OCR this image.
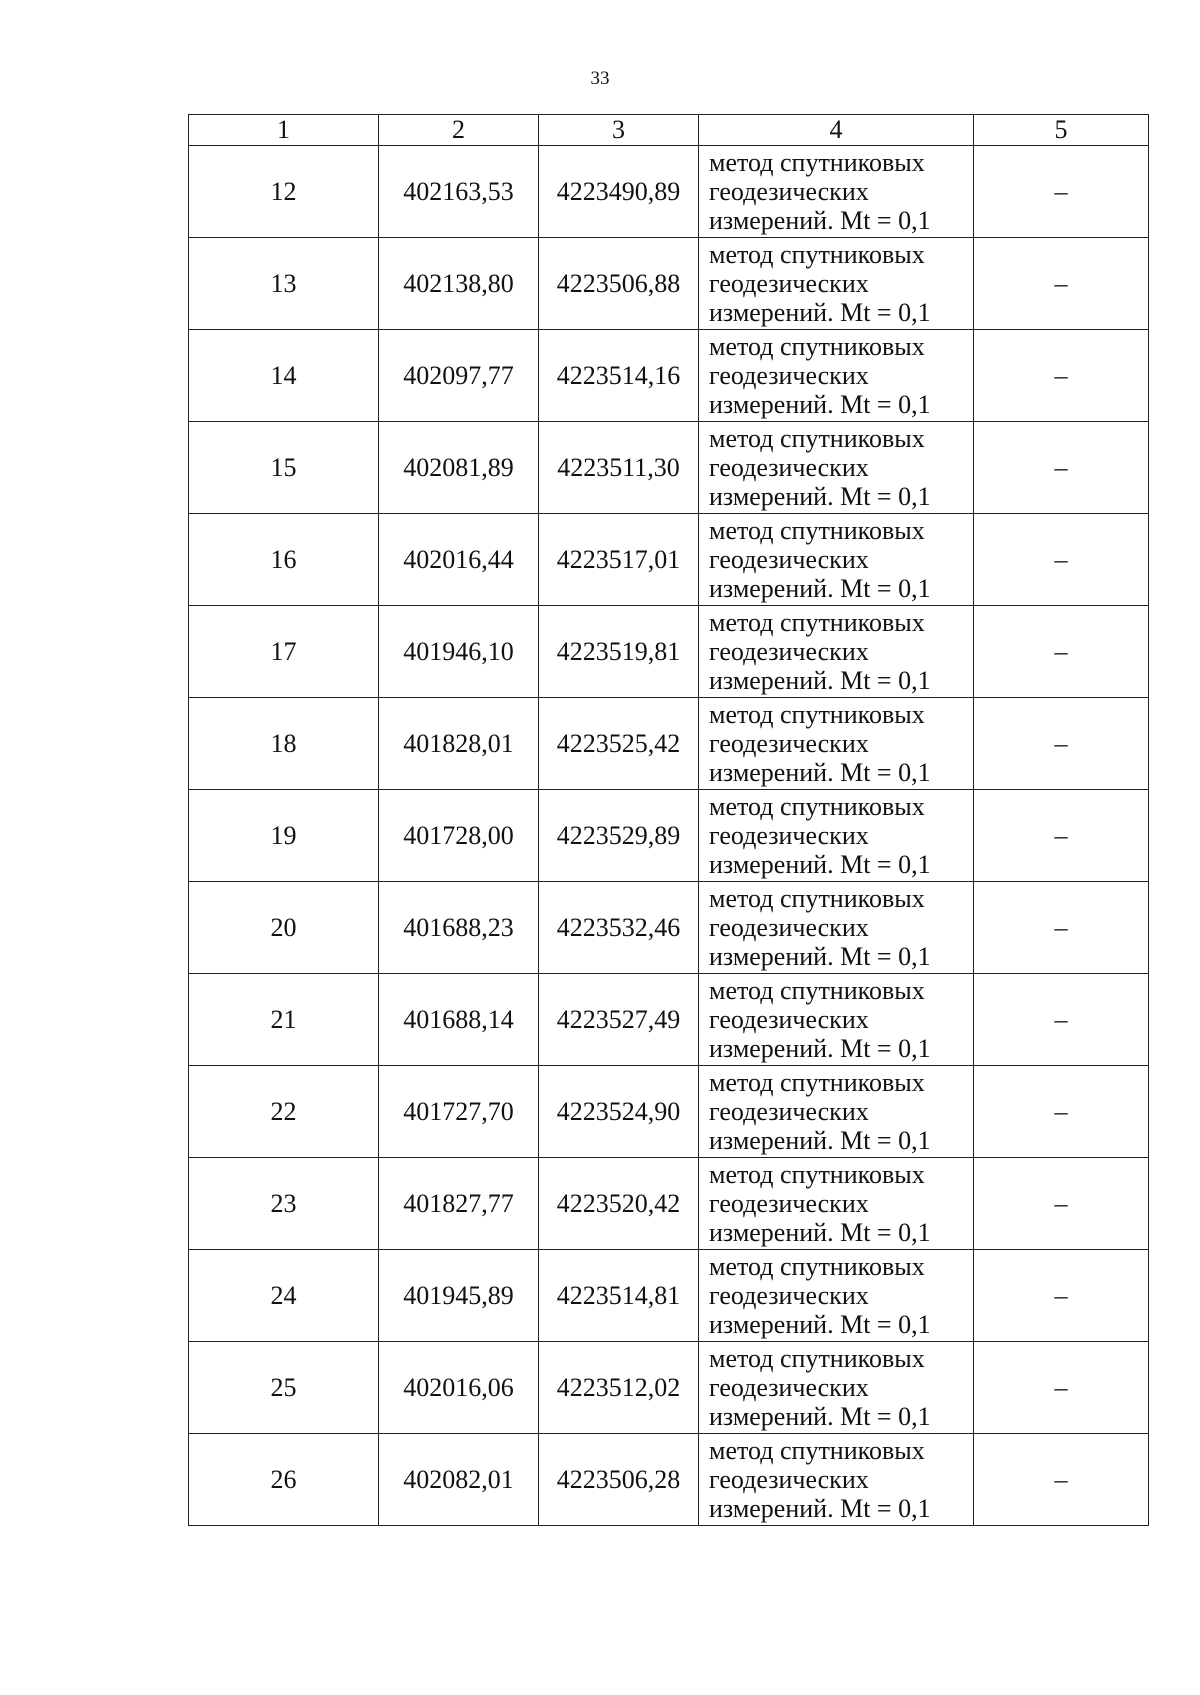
33
1	2	3	4	5
12	402163,53	4223490,89	метод спутниковых
геодезических
измерений. Mt = 0,1	–
13	402138,80	4223506,88	метод спутниковых
геодезических
измерений. Mt = 0,1	–
14	402097,77	4223514,16	метод спутниковых
геодезических
измерений. Mt = 0,1	–
15	402081,89	4223511,30	метод спутниковых
геодезических
измерений. Mt = 0,1	–
16	402016,44	4223517,01	метод спутниковых
геодезических
измерений. Mt = 0,1	–
17	401946,10	4223519,81	метод спутниковых
геодезических
измерений. Mt = 0,1	–
18	401828,01	4223525,42	метод спутниковых
геодезических
измерений. Mt = 0,1	–
19	401728,00	4223529,89	метод спутниковых
геодезических
измерений. Mt = 0,1	–
20	401688,23	4223532,46	метод спутниковых
геодезических
измерений. Mt = 0,1	–
21	401688,14	4223527,49	метод спутниковых
геодезических
измерений. Mt = 0,1	–
22	401727,70	4223524,90	метод спутниковых
геодезических
измерений. Mt = 0,1	–
23	401827,77	4223520,42	метод спутниковых
геодезических
измерений. Mt = 0,1	–
24	401945,89	4223514,81	метод спутниковых
геодезических
измерений. Mt = 0,1	–
25	402016,06	4223512,02	метод спутниковых
геодезических
измерений. Mt = 0,1	–
26	402082,01	4223506,28	метод спутниковых
геодезических
измерений. Mt = 0,1	–
